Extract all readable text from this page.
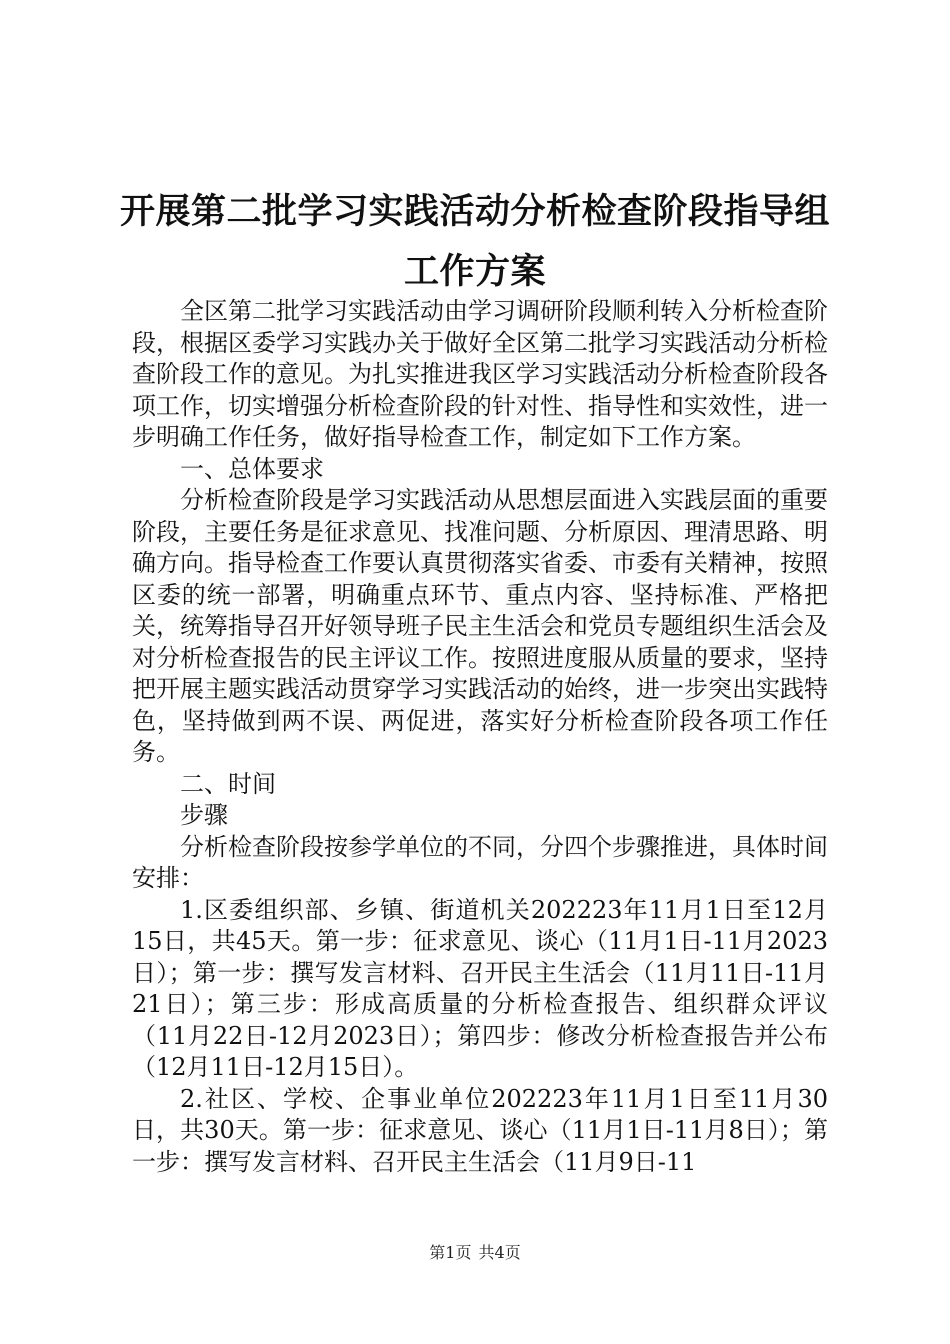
开展第二批学习实践活动分析检查阶段指导组
工作方案

全区第二批学习实践活动由学习调研阶段顺利转入分析检查阶段，根据区委学习实践办关于做好全区第二批学习实践活动分析检查阶段工作的意见。为扎实推进我区学习实践活动分析检查阶段各项工作，切实增强分析检查阶段的针对性、指导性和实效性，进一步明确工作任务，做好指导检查工作，制定如下工作方案。

一、总体要求

分析检查阶段是学习实践活动从思想层面进入实践层面的重要阶段，主要任务是征求意见、找准问题、分析原因、理清思路、明确方向。指导检查工作要认真贯彻落实省委、市委有关精神，按照区委的统一部署，明确重点环节、重点内容、坚持标准、严格把关，统筹指导召开好领导班子民主生活会和党员专题组织生活会及对分析检查报告的民主评议工作。按照进度服从质量的要求，坚持把开展主题实践活动贯穿学习实践活动的始终，进一步突出实践特色，坚持做到两不误、两促进，落实好分析检查阶段各项工作任务。

二、时间

步骤

分析检查阶段按参学单位的不同，分四个步骤推进，具体时间安排：

1.区委组织部、乡镇、街道机关202223年11月1日至12月15日，共45天。第一步：征求意见、谈心（11月1日-11月2023日）；第一步：撰写发言材料、召开民主生活会（11月11日-11月21日）；第三步：形成高质量的分析检查报告、组织群众评议（11月22日-12月2023日）；第四步：修改分析检查报告并公布（12月11日-12月15日）。

2.社区、学校、企事业单位202223年11月1日至11月30日，共30天。第一步：征求意见、谈心（11月1日-11月8日）；第一步：撰写发言材料、召开民主生活会（11月9日-11

第1页 共4页
